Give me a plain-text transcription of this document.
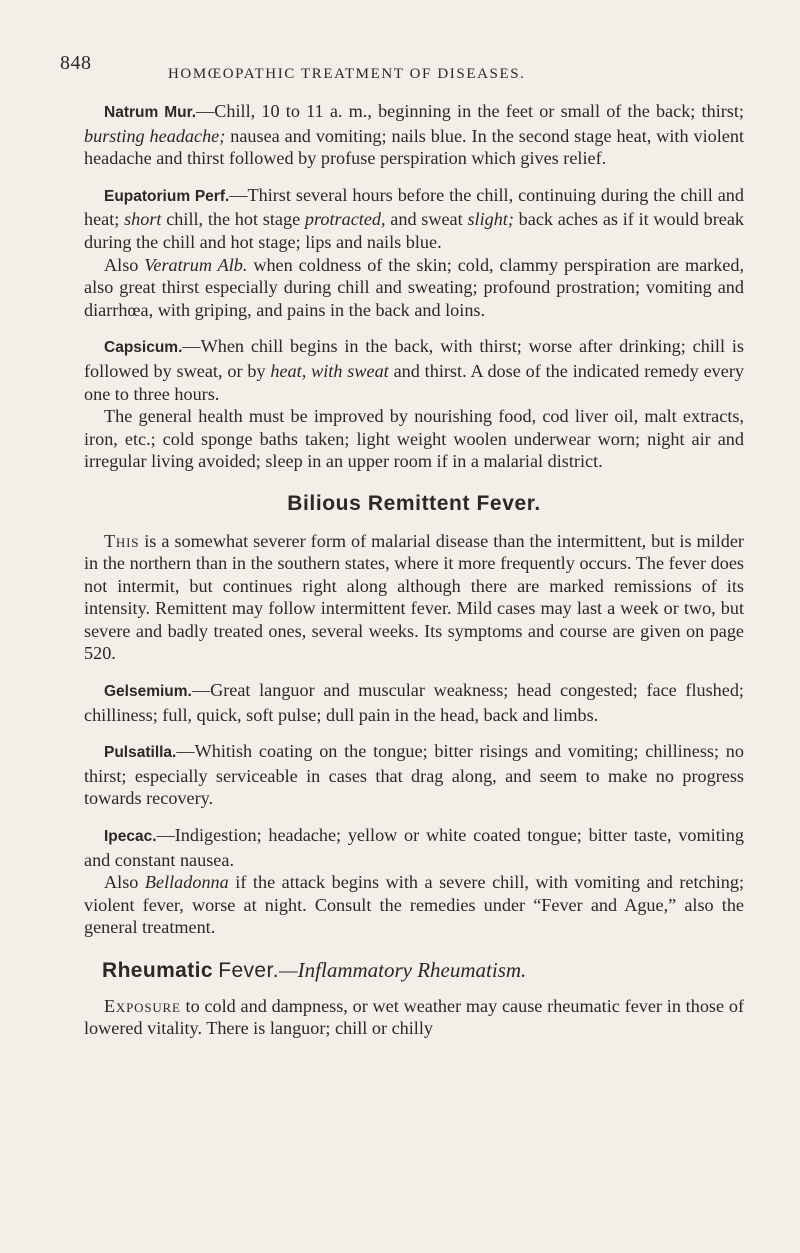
848	HOMŒOPATHIC TREATMENT OF DISEASES.

Natrum Mur.—Chill, 10 to 11 a. m., beginning in the feet or small of the back; thirst; bursting headache; nausea and vomiting; nails blue. In the second stage heat, with violent headache and thirst followed by profuse perspiration which gives relief.

Eupatorium Perf.—Thirst several hours before the chill, continuing during the chill and heat; short chill, the hot stage protracted, and sweat slight; back aches as if it would break during the chill and hot stage; lips and nails blue.

Also Veratrum Alb. when coldness of the skin; cold, clammy perspiration are marked, also great thirst especially during chill and sweating; profound prostration; vomiting and diarrhœa, with griping, and pains in the back and loins.

Capsicum.—When chill begins in the back, with thirst; worse after drinking; chill is followed by sweat, or by heat, with sweat and thirst. A dose of the indicated remedy every one to three hours.

The general health must be improved by nourishing food, cod liver oil, malt extracts, iron, etc.; cold sponge baths taken; light weight woolen underwear worn; night air and irregular living avoided; sleep in an upper room if in a malarial district.

Bilious Remittent Fever.

This is a somewhat severer form of malarial disease than the intermittent, but is milder in the northern than in the southern states, where it more frequently occurs. The fever does not intermit, but continues right along although there are marked remissions of its intensity. Remittent may follow intermittent fever. Mild cases may last a week or two, but severe and badly treated ones, several weeks. Its symptoms and course are given on page 520.

Gelsemium.—Great languor and muscular weakness; head congested; face flushed; chilliness; full, quick, soft pulse; dull pain in the head, back and limbs.

Pulsatilla.—Whitish coating on the tongue; bitter risings and vomiting; chilliness; no thirst; especially serviceable in cases that drag along, and seem to make no progress towards recovery.

Ipecac.—Indigestion; headache; yellow or white coated tongue; bitter taste, vomiting and constant nausea.

Also Belladonna if the attack begins with a severe chill, with vomiting and retching; violent fever, worse at night. Consult the remedies under “Fever and Ague,” also the general treatment.

Rheumatic Fever.—Inflammatory Rheumatism.

Exposure to cold and dampness, or wet weather may cause rheumatic fever in those of lowered vitality. There is languor; chill or chilly
